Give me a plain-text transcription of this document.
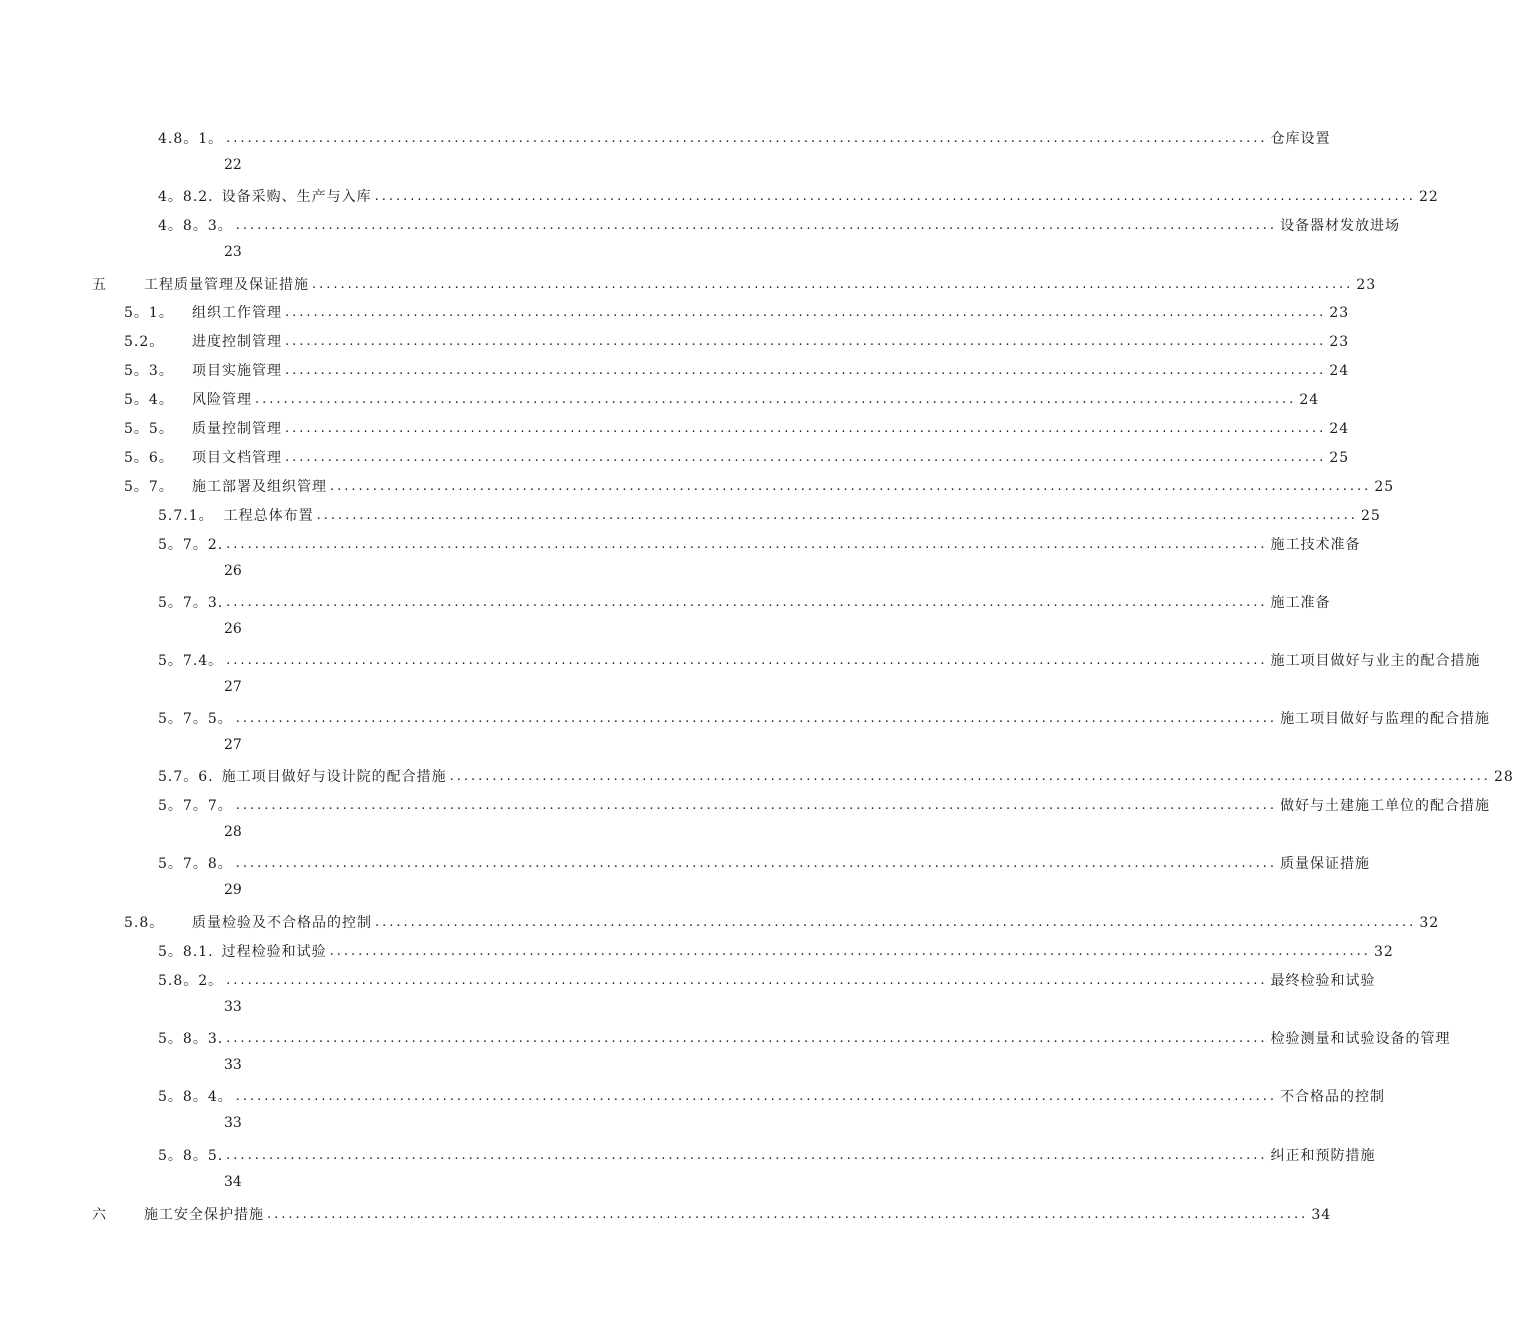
4.8。1。 .................................................................................................................................................. 仓库设置
22
4。8.2. 设备采购、生产与入库 .................................................................................................................................................. 22
4。8。3。 .................................................................................................................................................. 设备器材发放进场
23
五	工程质量管理及保证措施 .................................................................................................................................................. 23
5。1。	组织工作管理 .................................................................................................................................................. 23
5.2。	进度控制管理 .................................................................................................................................................. 23
5。3。	项目实施管理 .................................................................................................................................................. 24
5。4。	风险管理 .................................................................................................................................................. 24
5。5。	质量控制管理 .................................................................................................................................................. 24
5。6。	项目文档管理 .................................................................................................................................................. 25
5。7。	施工部署及组织管理 .................................................................................................................................................. 25
5.7.1。 工程总体布置 .................................................................................................................................................. 25
5。7。2. .................................................................................................................................................. 施工技术准备
26
5。7。3. .................................................................................................................................................. 施工准备
26
5。7.4。 .................................................................................................................................................. 施工项目做好与业主的配合措施
27
5。7。5。 .................................................................................................................................................. 施工项目做好与监理的配合措施
27
5.7。6. 施工项目做好与设计院的配合措施 .................................................................................................................................................. 28
5。7。7。 .................................................................................................................................................. 做好与土建施工单位的配合措施
28
5。7。8。 .................................................................................................................................................. 质量保证措施
29
5.8。	质量检验及不合格品的控制 .................................................................................................................................................. 32
5。8.1. 过程检验和试验 .................................................................................................................................................. 32
5.8。2。 .................................................................................................................................................. 最终检验和试验
33
5。8。3. .................................................................................................................................................. 检验测量和试验设备的管理
33
5。8。4。 .................................................................................................................................................. 不合格品的控制
33
5。8。5. .................................................................................................................................................. 纠正和预防措施
34
六	施工安全保护措施 .................................................................................................................................................. 34
